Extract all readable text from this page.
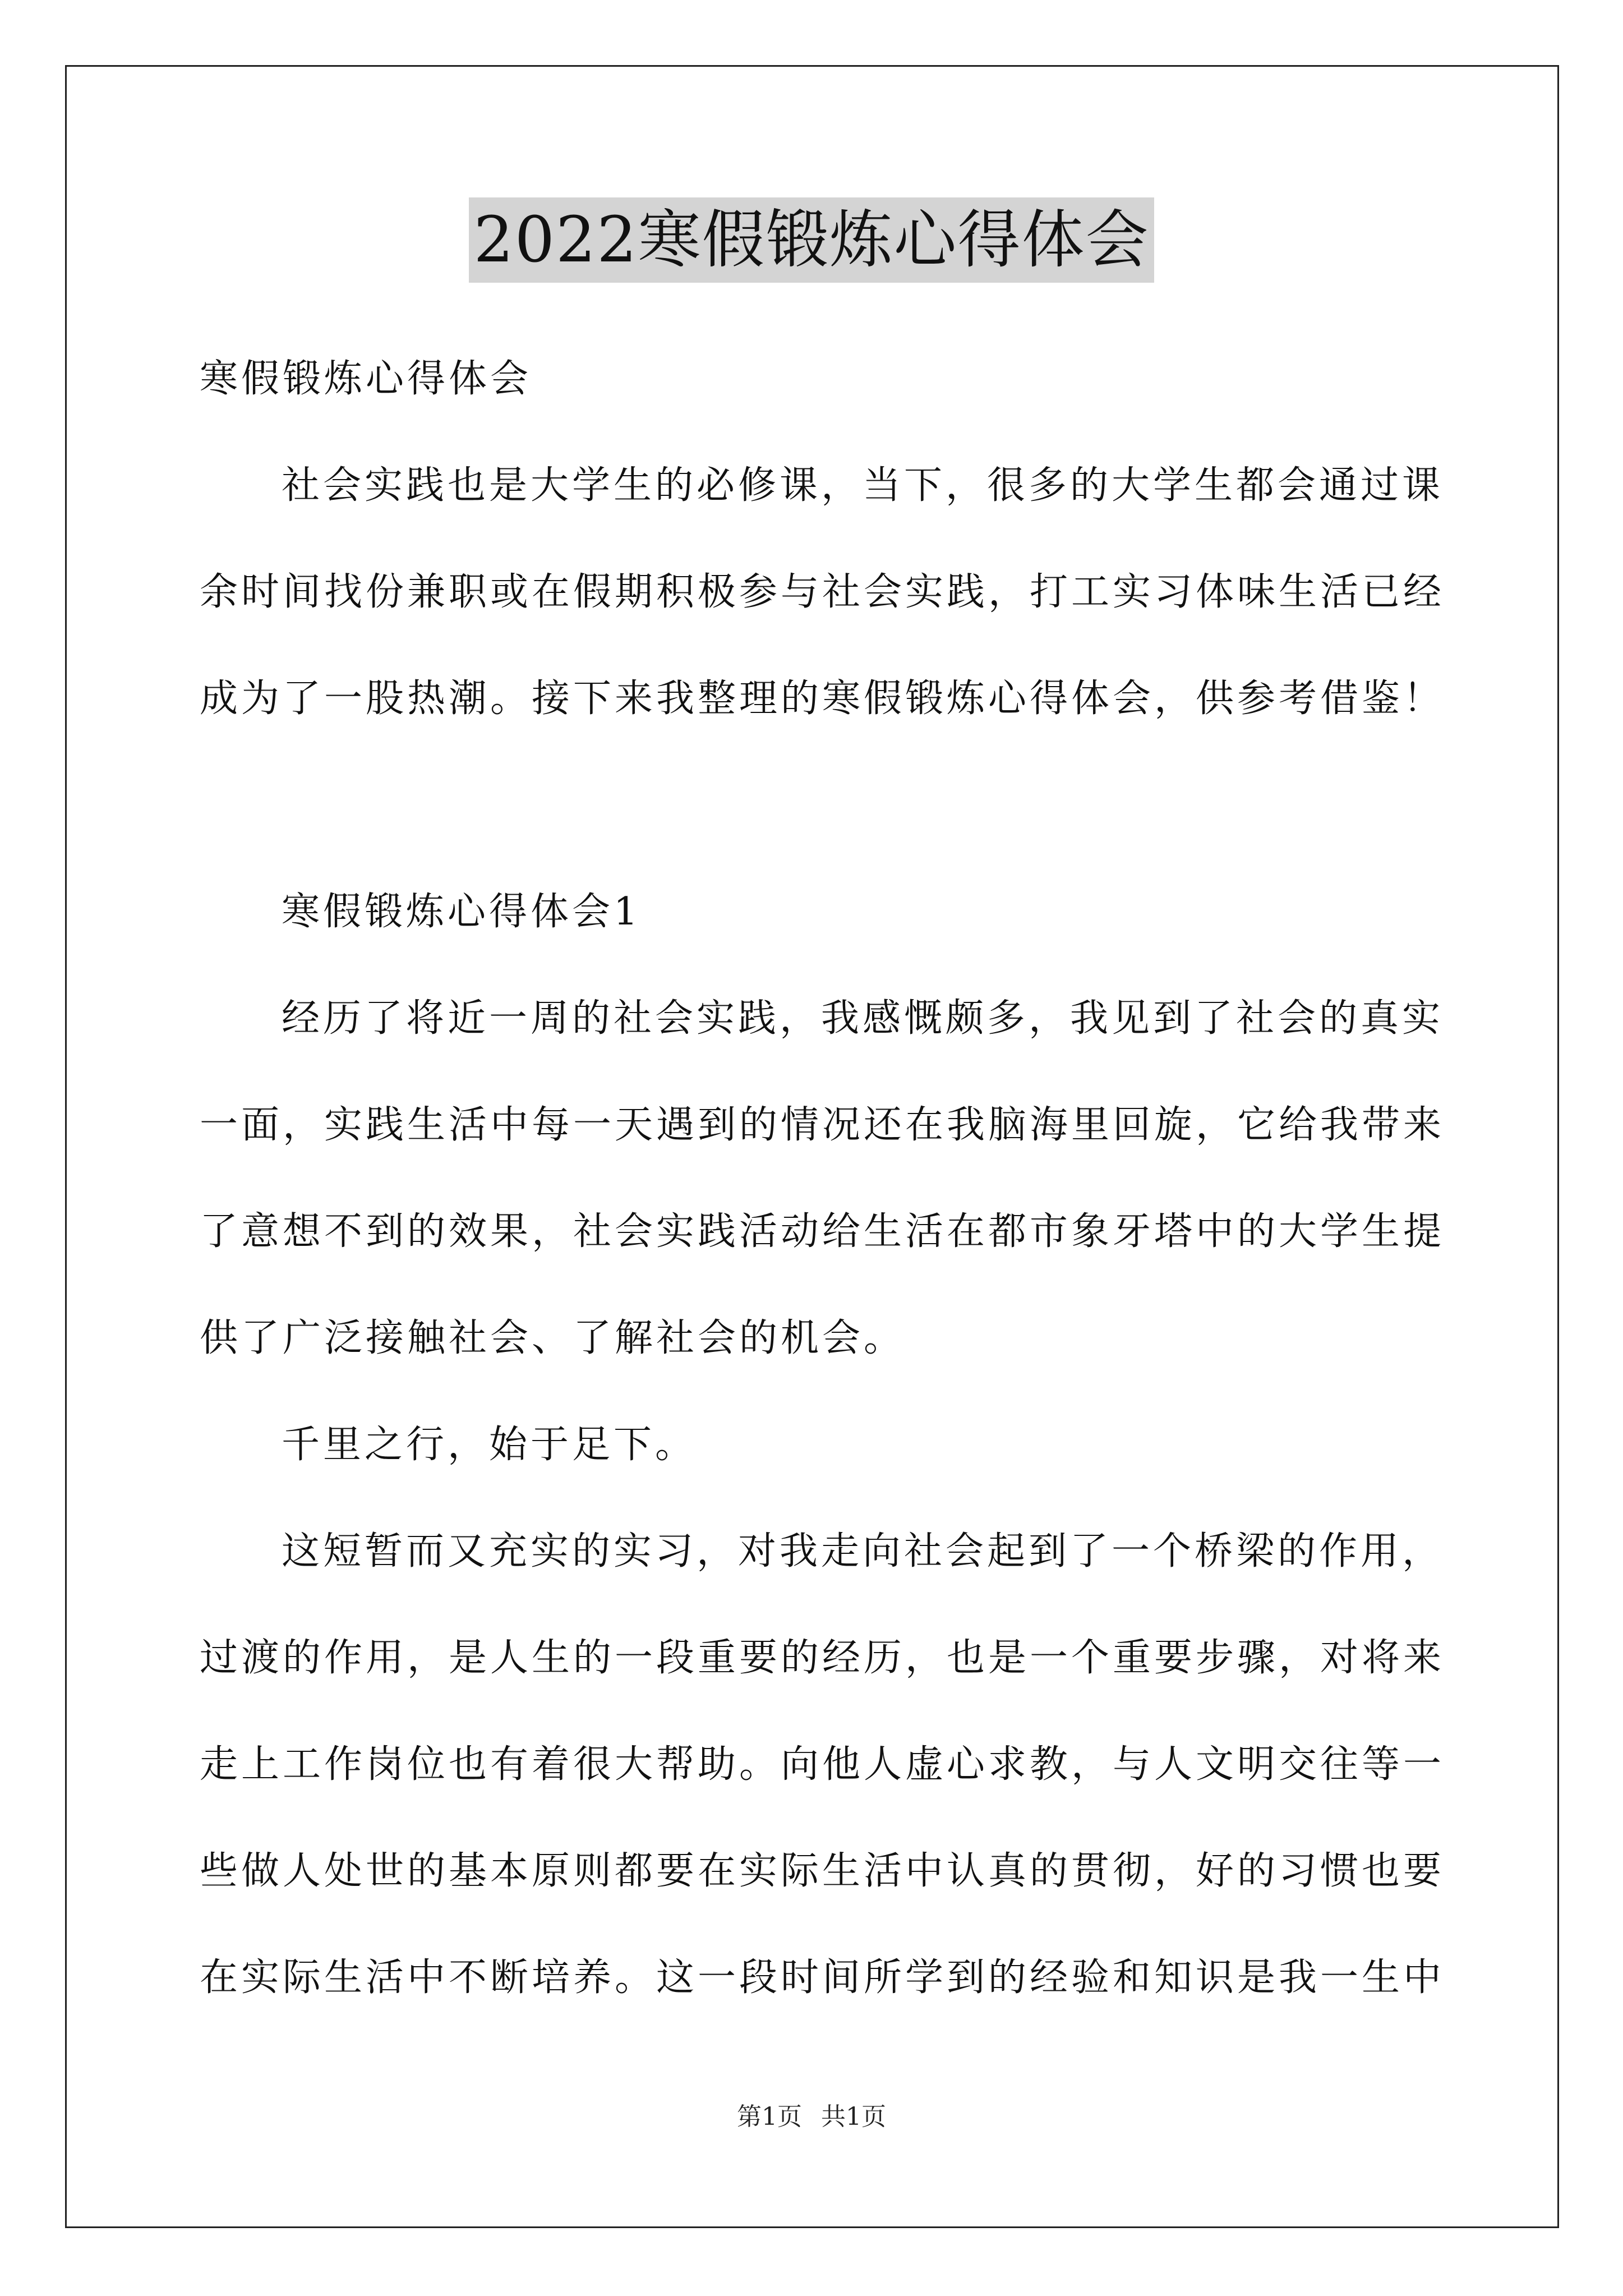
2022寒假锻炼心得体会
寒假锻炼心得体会
社会实践也是大学生的必修课，当下，很多的大学生都会通过课
余时间找份兼职或在假期积极参与社会实践，打工实习体味生活已经
成为了一股热潮。接下来我整理的寒假锻炼心得体会，供参考借鉴！
寒假锻炼心得体会1
经历了将近一周的社会实践，我感慨颇多，我见到了社会的真实
一面，实践生活中每一天遇到的情况还在我脑海里回旋，它给我带来
了意想不到的效果，社会实践活动给生活在都市象牙塔中的大学生提
供了广泛接触社会、了解社会的机会。
千里之行，始于足下。
这短暂而又充实的实习，对我走向社会起到了一个桥梁的作用，
过渡的作用，是人生的一段重要的经历，也是一个重要步骤，对将来
走上工作岗位也有着很大帮助。向他人虚心求教，与人文明交往等一
些做人处世的基本原则都要在实际生活中认真的贯彻，好的习惯也要
在实际生活中不断培养。这一段时间所学到的经验和知识是我一生中
第1页 共1页
